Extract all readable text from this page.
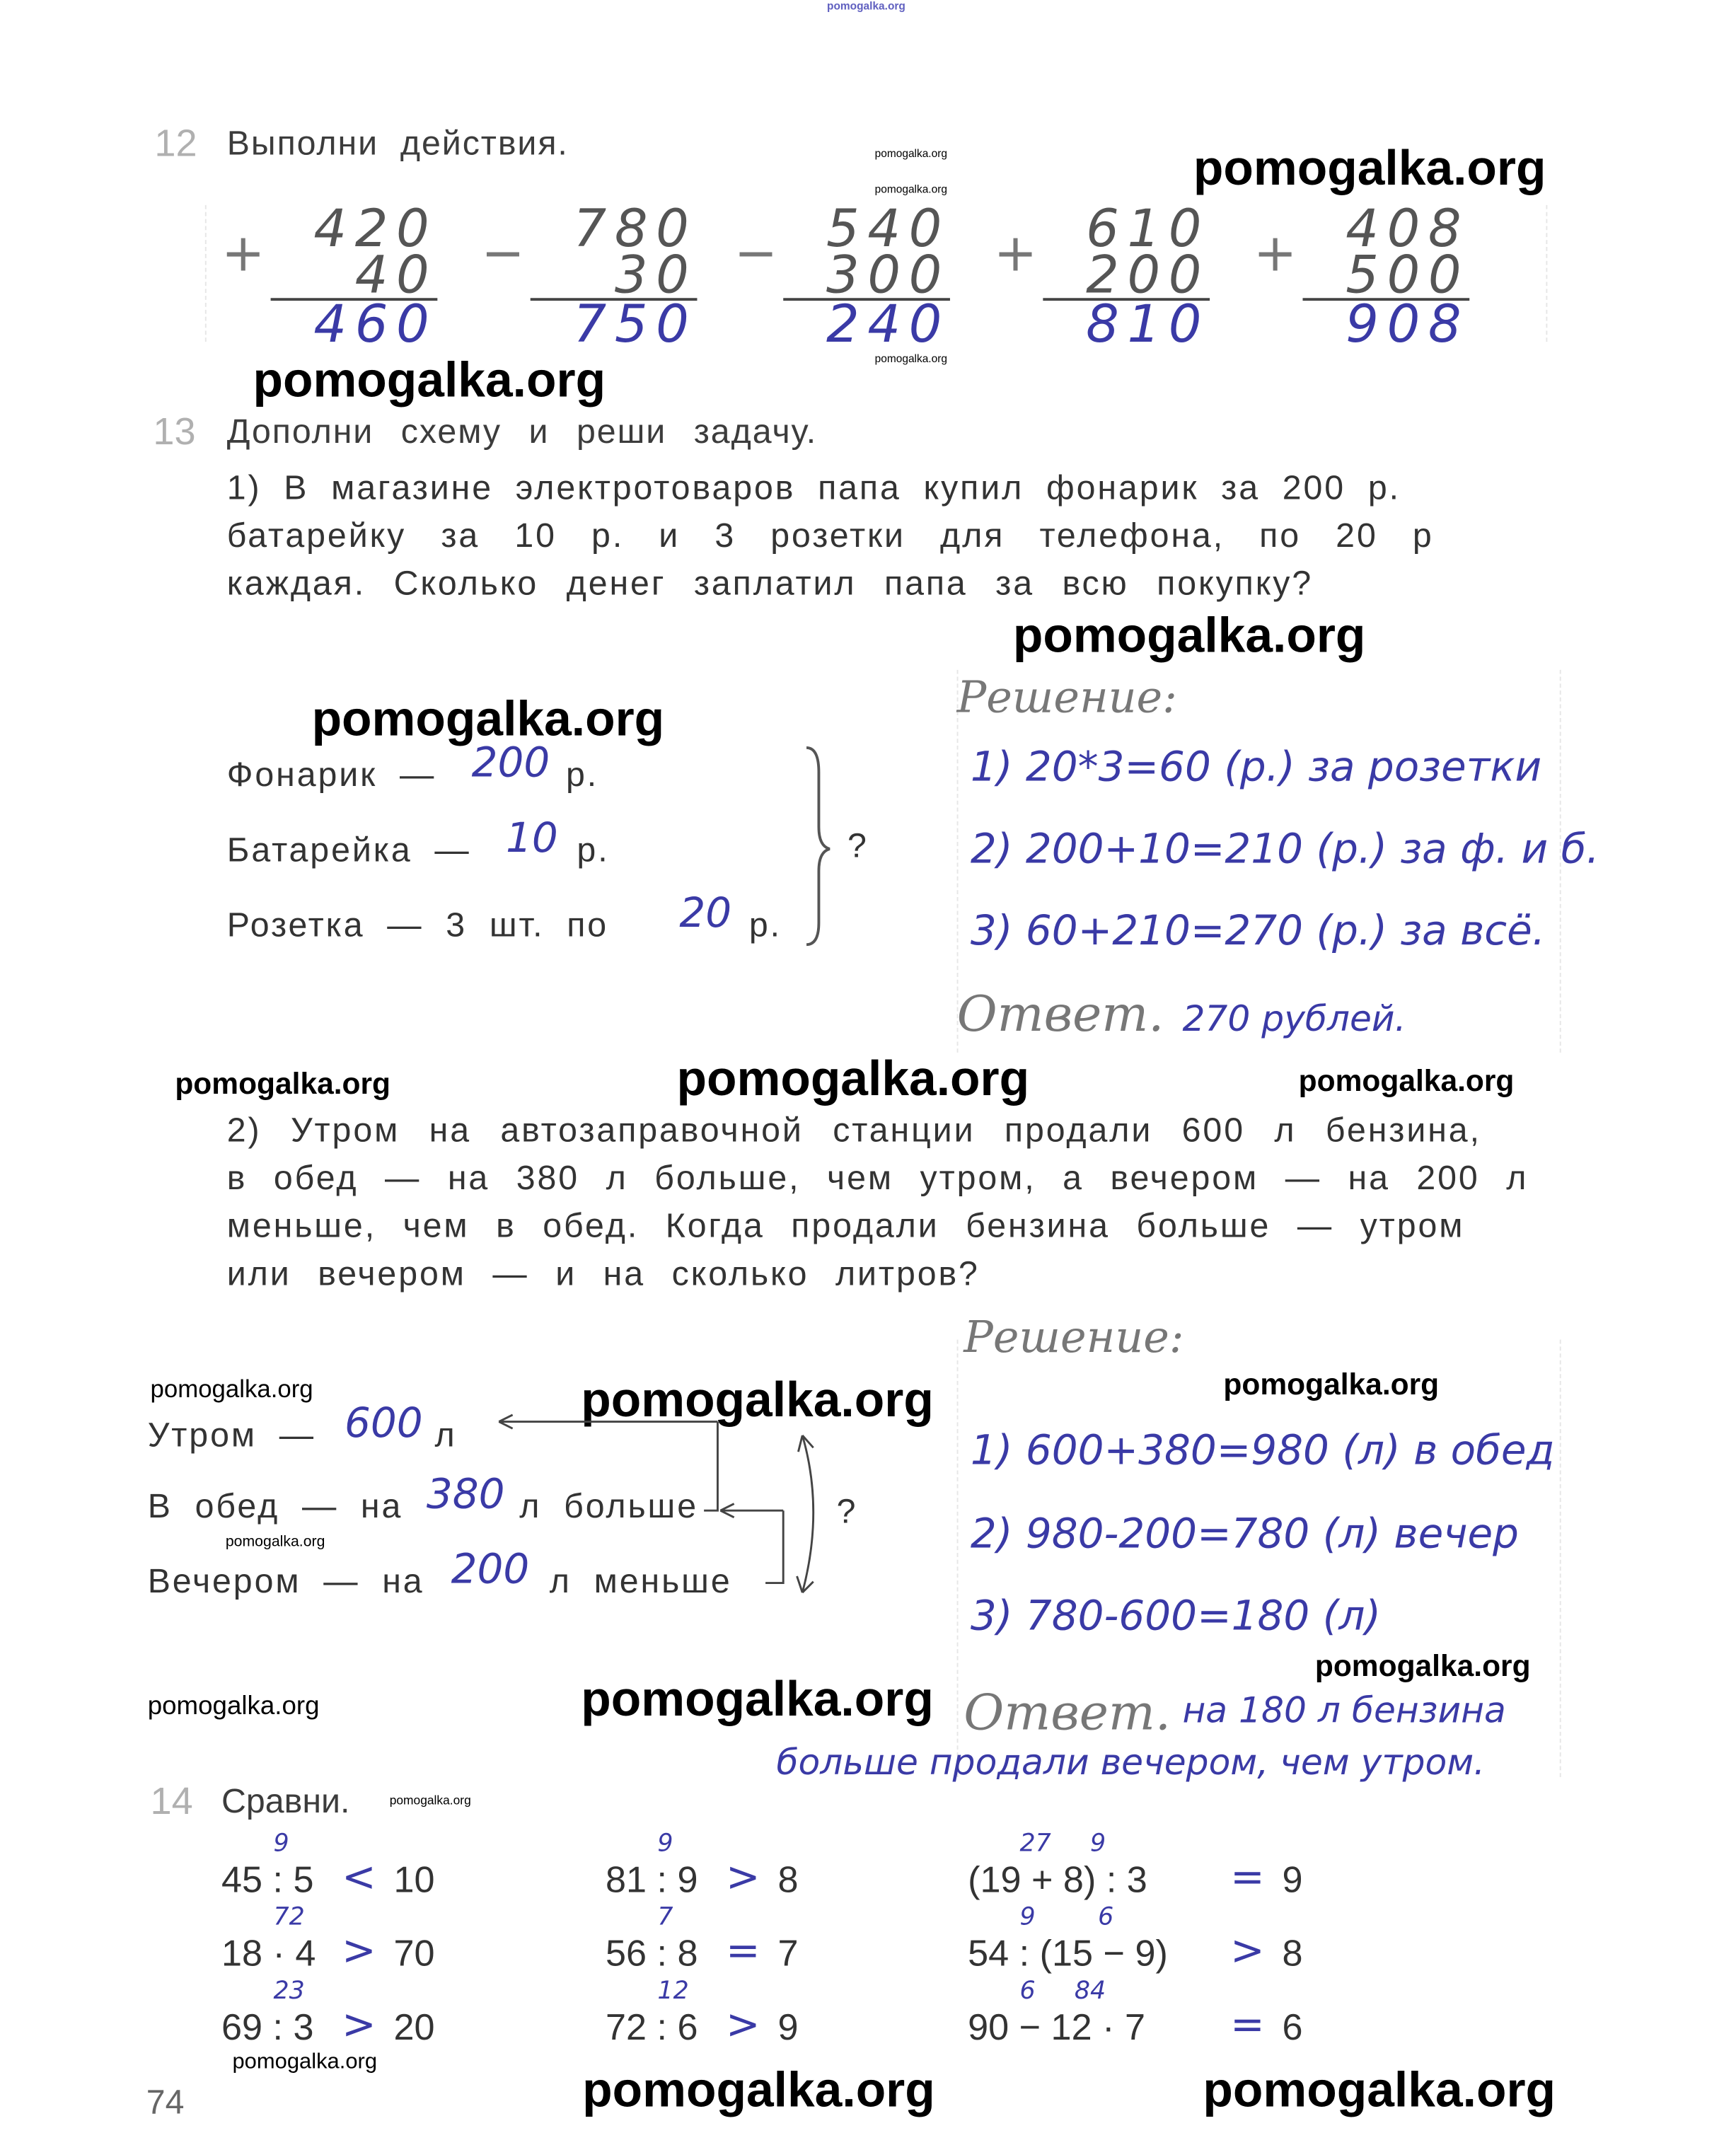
pomogalka.org
pomogalka.org
pomogalka.org
pomogalka.org
pomogalka.org
pomogalka.org
pomogalka.org
pomogalka.org
pomogalka.org	pomogalka.org	pomogalka.org
pomogalka.org
pomogalka.org
pomogalka.org
pomogalka.org
pomogalka.org
pomogalka.org	pomogalka.org
pomogalka.org
pomogalka.org	pomogalka.org	pomogalka.org
12 Выполни действия.
+ 420
40
460
− 780
30
750
− 540
300
240
+ 610
200
810
+ 408
500
908
13 Дополни схему и реши задачу.
1) В магазине электротоваров папа купил фонарик за 200 р.
батарейку за 10 р. и 3 розетки для телефона, по 20 р
каждая. Сколько денег заплатил папа за всю покупку?
Фонарик — 200 р.
Батарейка — 10 р.
Розетка — 3 шт. по	20 р.
?
Решение:
1) 20*3=60 (р.) за розетки
2) 200+10=210 (р.) за ф. и б.
3) 60+210=270 (р.) за всё.
Ответ. 270 рублей.
2) Утром на автозаправочной станции продали 600 л бензина,
в обед — на 380 л больше, чем утром, а вечером — на 200 л
меньше, чем в обед. Когда продали бензина больше — утром
или вечером — и на сколько литров?
Утром — 600 л
В обед — на 380 л больше
Вечером — на 200 л меньше
?
Решение:
1) 600+380=980 (л) в обед
2) 980-200=780 (л) вечер
3) 780-600=180 (л)
Ответ. на 180 л бензина
больше продали вечером, чем утром.
14 Сравни.
9
45 : 5 < 10
9
81 : 9 > 8
27     9
(19 + 8) : 3	= 9
72
18 · 4 > 70
7
56 : 8 = 7
9        6
54 : (15 − 9)	> 8
23
69 : 3 > 20
12
72 : 6 > 9
6     84
90 − 12 · 7	= 6
74
